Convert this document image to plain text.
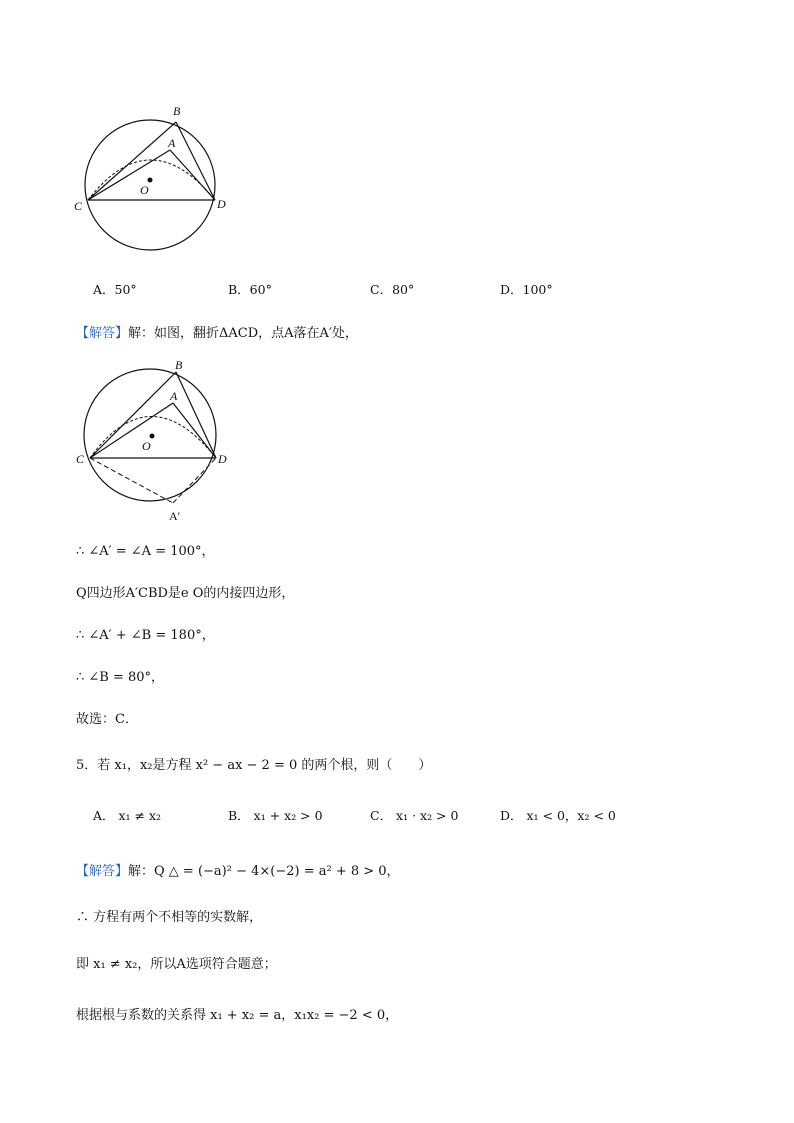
B
A
O
C	D
A．50°	B．60°	C．80°	D．100°
【解答】解：如图，翻折ΔACD，点A落在A′处，
B
A
O
C	D
A′
∴ ∠A′ = ∠A = 100°，
Q四边形A′CBD是e O的内接四边形，
∴ ∠A′ + ∠B = 180°，
∴ ∠B = 80°，
故选：C．
5．若 x₁，x₂是方程 x² − ax − 2 = 0 的两个根，则（　　）
A． x₁ ≠ x₂	B． x₁ + x₂ > 0	C． x₁ · x₂ > 0	D． x₁ < 0，x₂ < 0
【解答】解：Q △ = (−a)² − 4×(−2) = a² + 8 > 0，
∴ 方程有两个不相等的实数解，
即 x₁ ≠ x₂，所以A选项符合题意；
根据根与系数的关系得 x₁ + x₂ = a，x₁x₂ = −2 < 0，
